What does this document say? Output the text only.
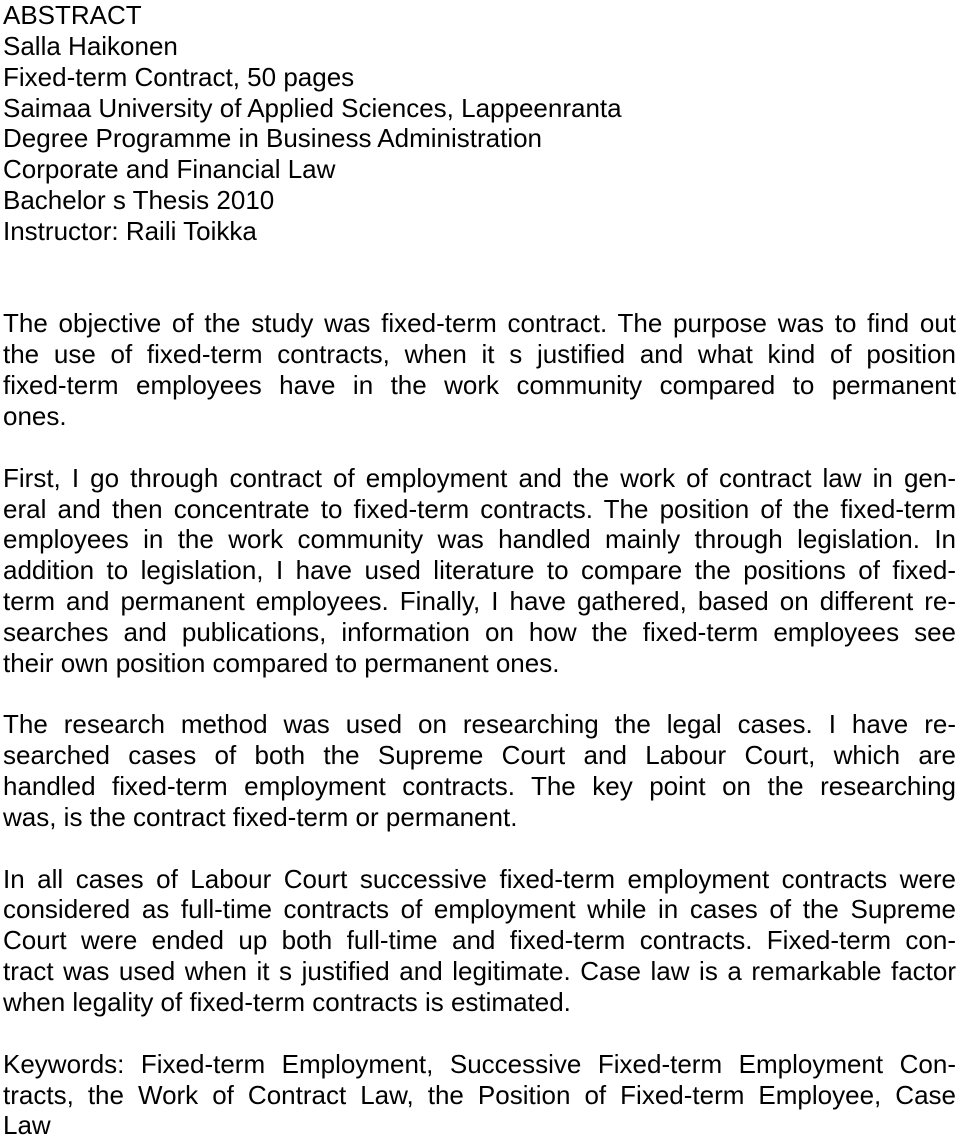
ABSTRACT
Salla Haikonen
Fixed-term Contract, 50 pages
Saimaa University of Applied Sciences, Lappeenranta
Degree Programme in Business Administration
Corporate and Financial Law
Bachelor s Thesis 2010
Instructor: Raili Toikka
The objective of the study was fixed-term contract. The purpose was to find out
the use of fixed-term contracts, when it s justified and what kind of position
fixed-term employees have in the work community compared to permanent
ones.
First, I go through contract of employment and the work of contract law in gen-
eral and then concentrate to fixed-term contracts. The position of the fixed-term
employees in the work community was handled mainly through legislation. In
addition to legislation, I have used literature to compare the positions of fixed-
term and permanent employees. Finally, I have gathered, based on different re-
searches and publications, information on how the fixed-term employees see
their own position compared to permanent ones.
The research method was used on researching the legal cases. I have re-
searched cases of both the Supreme Court and Labour Court, which are
handled fixed-term employment contracts. The key point on the researching
was, is the contract fixed-term or permanent.
In all cases of Labour Court successive fixed-term employment contracts were
considered as full-time contracts of employment while in cases of the Supreme
Court were ended up both full-time and fixed-term contracts. Fixed-term con-
tract was used when it s justified and legitimate. Case law is a remarkable factor
when legality of fixed-term contracts is estimated.
Keywords: Fixed-term Employment, Successive Fixed-term Employment Con-
tracts, the Work of Contract Law, the Position of Fixed-term Employee, Case
Law
